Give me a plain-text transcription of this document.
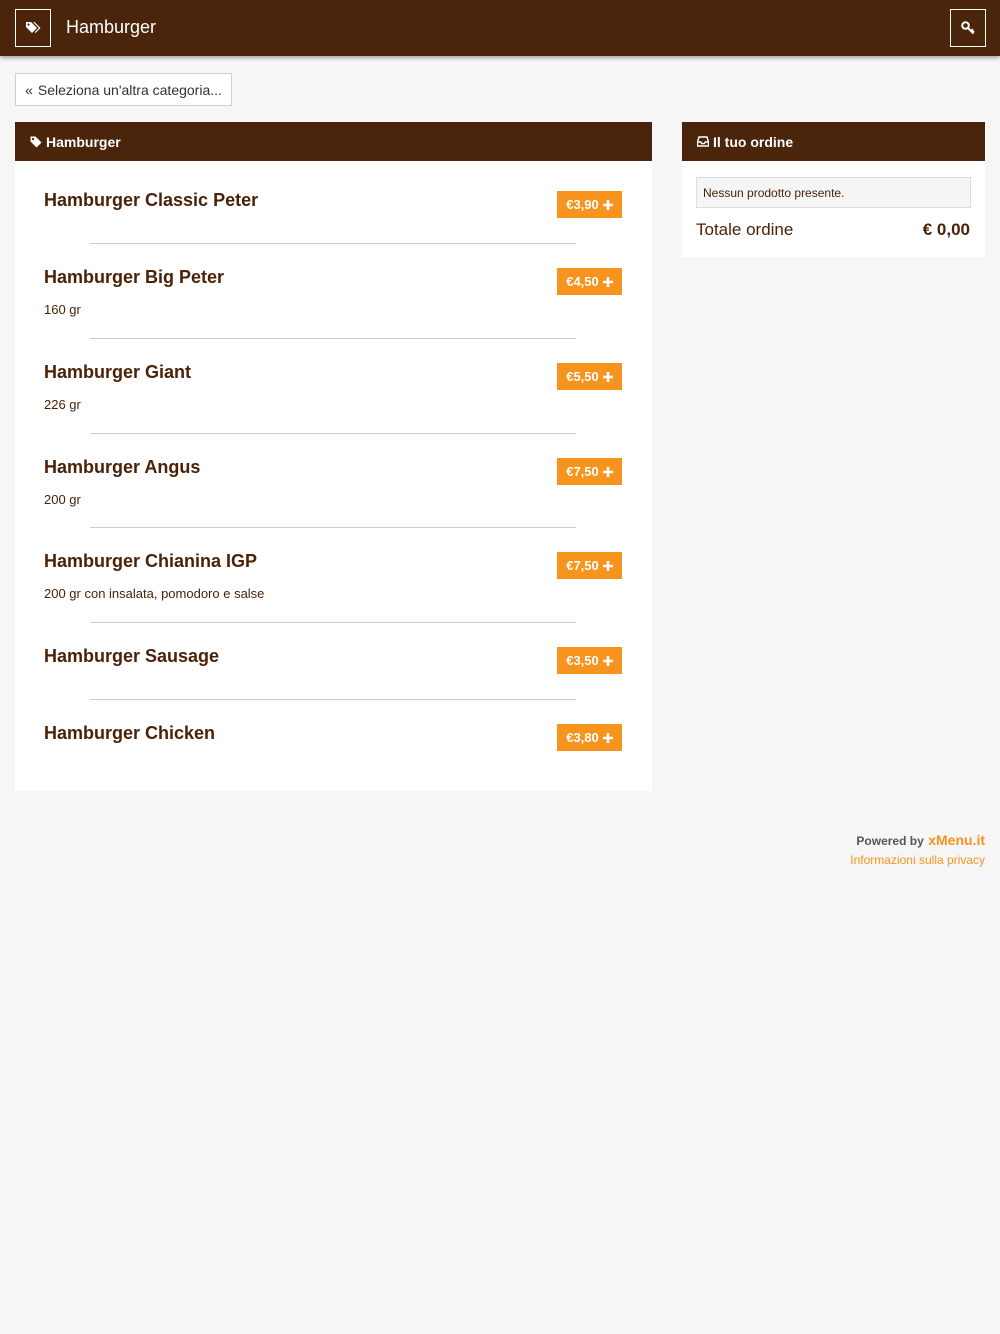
Hamburger
« Seleziona un'altra categoria...
Hamburger
Hamburger Classic Peter	€3,90
Hamburger Big Peter
160 gr
€4,50
Hamburger Giant
226 gr
€5,50
Hamburger Angus
200 gr
€7,50
Hamburger Chianina IGP
200 gr con insalata, pomodoro e salse
€7,50
Hamburger Sausage	€3,50
Hamburger Chicken	€3,80
Il tuo ordine
Nessun prodotto presente.
Totale ordine	€ 0,00
Powered by xMenu.it
Informazioni sulla privacy
